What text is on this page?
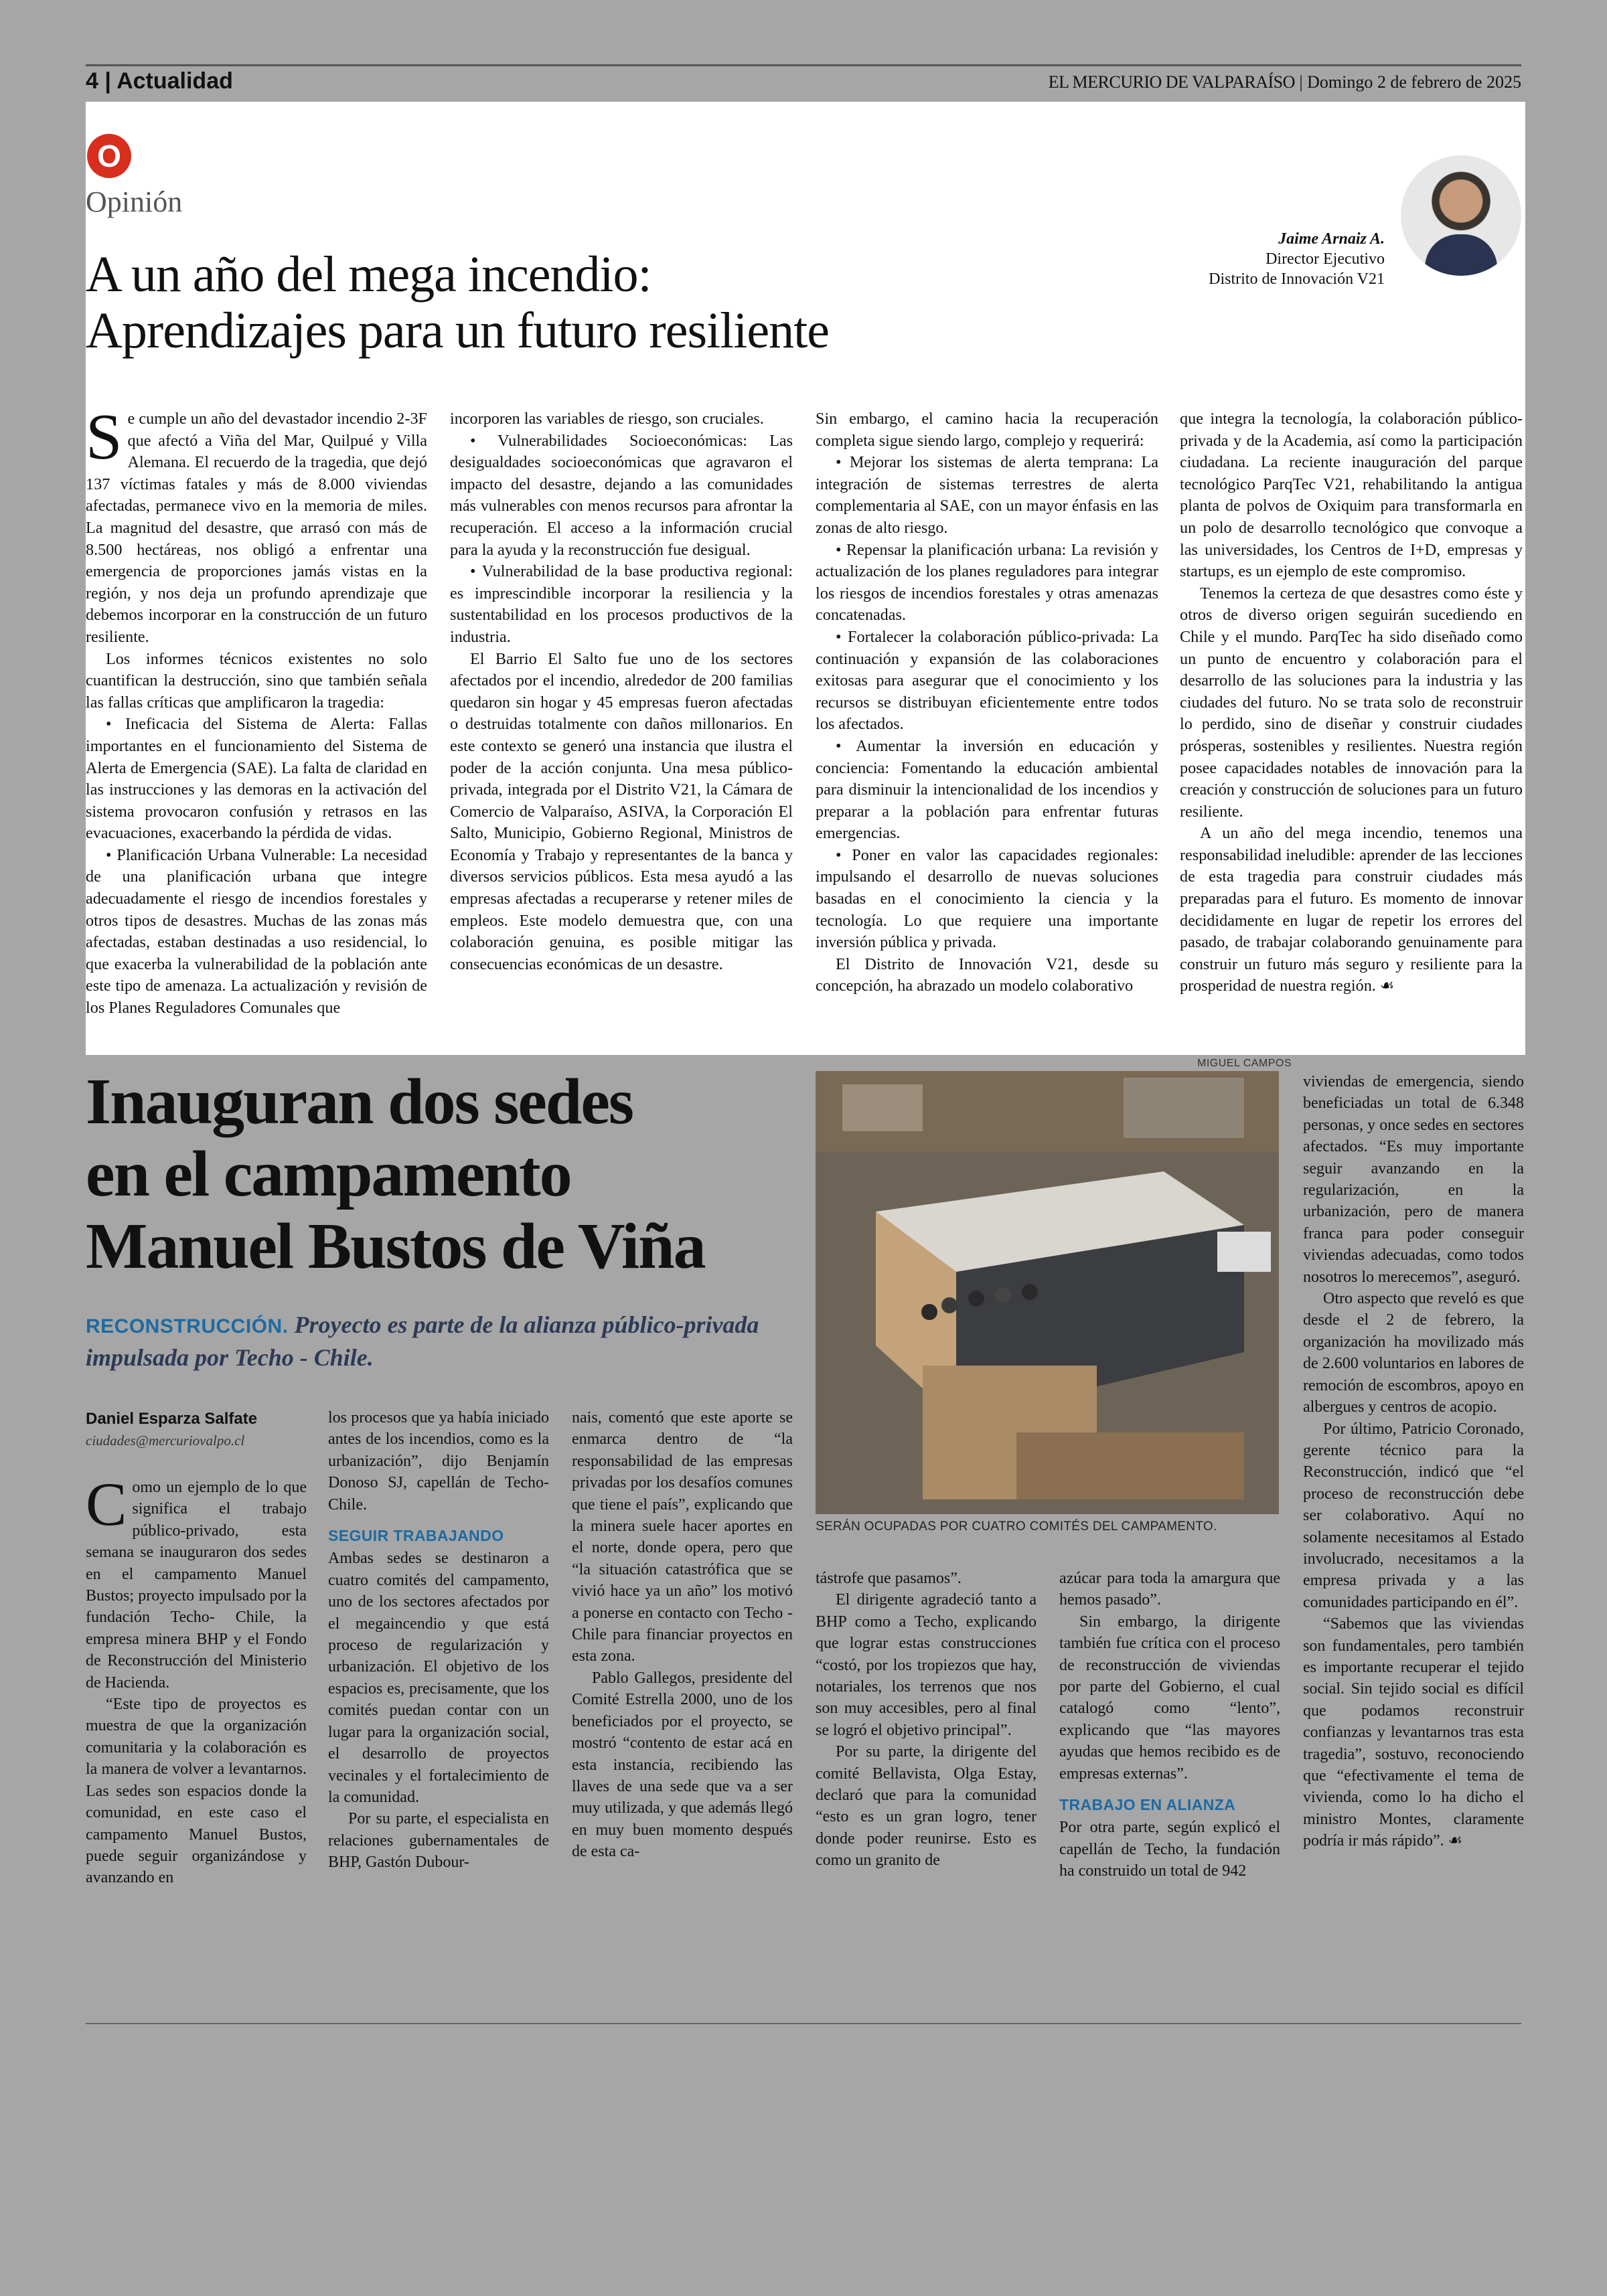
4 | Actualidad	EL MERCURIO DE VALPARAÍSO | Domingo 2 de febrero de 2025
O
Opinión
A un año del mega incendio:
Aprendizajes para un futuro resiliente
Jaime Arnaiz A.
Director Ejecutivo
Distrito de Innovación V21

Se cumple un año del devastador incendio 2-3F que afectó a Viña del Mar, Quilpué y Villa Alemana. El recuerdo de la tragedia, que dejó 137 víctimas fatales y más de 8.000 viviendas afectadas, permanece vivo en la memoria de miles. La magnitud del desastre, que arrasó con más de 8.500 hectáreas, nos obligó a enfrentar una emergencia de proporciones jamás vistas en la región, y nos deja un profundo aprendizaje que debemos incorporar en la construcción de un futuro resiliente.

Los informes técnicos existentes no solo cuantifican la destrucción, sino que también señala las fallas críticas que amplificaron la tragedia:

• Ineficacia del Sistema de Alerta: Fallas importantes en el funcionamiento del Sistema de Alerta de Emergencia (SAE). La falta de claridad en las instrucciones y las demoras en la activación del sistema provocaron confusión y retrasos en las evacuaciones, exacerbando la pérdida de vidas.

• Planificación Urbana Vulnerable: La necesidad de una planificación urbana que integre adecuadamente el riesgo de incendios forestales y otros tipos de desastres. Muchas de las zonas más afectadas, estaban destinadas a uso residencial, lo que exacerba la vulnerabilidad de la población ante este tipo de amenaza. La actualización y revisión de los Planes Reguladores Comunales que

incorporen las variables de riesgo, son cruciales.

• Vulnerabilidades Socioeconómicas: Las desigualdades socioeconómicas que agravaron el impacto del desastre, dejando a las comunidades más vulnerables con menos recursos para afrontar la recuperación. El acceso a la información crucial para la ayuda y la reconstrucción fue desigual.

• Vulnerabilidad de la base productiva regional: es imprescindible incorporar la resiliencia y la sustentabilidad en los procesos productivos de la industria.

El Barrio El Salto fue uno de los sectores afectados por el incendio, alrededor de 200 familias quedaron sin hogar y 45 empresas fueron afectadas o destruidas totalmente con daños millonarios. En este contexto se generó una instancia que ilustra el poder de la acción conjunta. Una mesa público-privada, integrada por el Distrito V21, la Cámara de Comercio de Valparaíso, ASIVA, la Corporación El Salto, Municipio, Gobierno Regional, Ministros de Economía y Trabajo y representantes de la banca y diversos servicios públicos. Esta mesa ayudó a las empresas afectadas a recuperarse y retener miles de empleos. Este modelo demuestra que, con una colaboración genuina, es posible mitigar las consecuencias económicas de un desastre.

Sin embargo, el camino hacia la recuperación completa sigue siendo largo, complejo y requerirá:

• Mejorar los sistemas de alerta temprana: La integración de sistemas terrestres de alerta complementaria al SAE, con un mayor énfasis en las zonas de alto riesgo.

• Repensar la planificación urbana: La revisión y actualización de los planes reguladores para integrar los riesgos de incendios forestales y otras amenazas concatenadas.

• Fortalecer la colaboración público-privada: La continuación y expansión de las colaboraciones exitosas para asegurar que el conocimiento y los recursos se distribuyan eficientemente entre todos los afectados.

• Aumentar la inversión en educación y conciencia: Fomentando la educación ambiental para disminuir la intencionalidad de los incendios y preparar a la población para enfrentar futuras emergencias.

• Poner en valor las capacidades regionales: impulsando el desarrollo de nuevas soluciones basadas en el conocimiento la ciencia y la tecnología. Lo que requiere una importante inversión pública y privada.

El Distrito de Innovación V21, desde su concepción, ha abrazado un modelo colaborativo

que integra la tecnología, la colaboración público-privada y de la Academia, así como la participación ciudadana. La reciente inauguración del parque tecnológico ParqTec V21, rehabilitando la antigua planta de polvos de Oxiquim para transformarla en un polo de desarrollo tecnológico que convoque a las universidades, los Centros de I+D, empresas y startups, es un ejemplo de este compromiso.

Tenemos la certeza de que desastres como éste y otros de diverso origen seguirán sucediendo en Chile y el mundo. ParqTec ha sido diseñado como un punto de encuentro y colaboración para el desarrollo de las soluciones para la industria y las ciudades del futuro. No se trata solo de reconstruir lo perdido, sino de diseñar y construir ciudades prósperas, sostenibles y resilientes. Nuestra región posee capacidades notables de innovación para la creación y construcción de soluciones para un futuro resiliente.

A un año del mega incendio, tenemos una responsabilidad ineludible: aprender de las lecciones de esta tragedia para construir ciudades más preparadas para el futuro. Es momento de innovar decididamente en lugar de repetir los errores del pasado, de trabajar colaborando genuinamente para construir un futuro más seguro y resiliente para la prosperidad de nuestra región. ☙

Inauguran dos sedes
en el campamento
Manuel Bustos de Viña
RECONSTRUCCIÓN. Proyecto es parte de la alianza público-privada impulsada por Techo - Chile.
Daniel Esparza Salfate
ciudades@mercuriovalpo.cl

Como un ejemplo de lo que significa el trabajo público-privado, esta semana se inauguraron dos sedes en el campamento Manuel Bustos; proyecto impulsado por la fundación Techo- Chile, la empresa minera BHP y el Fondo de Reconstrucción del Ministerio de Hacienda.

“Este tipo de proyectos es muestra de que la organización comunitaria y la colaboración es la manera de volver a levantarnos. Las sedes son espacios donde la comunidad, en este caso el campamento Manuel Bustos, puede seguir organizándose y avanzando en

los procesos que ya había iniciado antes de los incendios, como es la urbanización”, dijo Benjamín Donoso SJ, capellán de Techo-Chile.

SEGUIR TRABAJANDO

Ambas sedes se destinaron a cuatro comités del campamento, uno de los sectores afectados por el megaincendio y que está proceso de regularización y urbanización. El objetivo de los espacios es, precisamente, que los comités puedan contar con un lugar para la organización social, el desarrollo de proyectos vecinales y el fortalecimiento de la comunidad.

Por su parte, el especialista en relaciones gubernamentales de BHP, Gastón Dubour-

nais, comentó que este aporte se enmarca dentro de “la responsabilidad de las empresas privadas por los desafíos comunes que tiene el país”, explicando que la minera suele hacer aportes en el norte, donde opera, pero que “la situación catastrófica que se vivió hace ya un año” los motivó a ponerse en contacto con Techo - Chile para financiar proyectos en esta zona.

Pablo Gallegos, presidente del Comité Estrella 2000, uno de los beneficiados por el proyecto, se mostró “contento de estar acá en esta instancia, recibiendo las llaves de una sede que va a ser muy utilizada, y que además llegó en muy buen momento después de esta ca-

MIGUEL CAMPOS
SERÁN OCUPADAS POR CUATRO COMITÉS DEL CAMPAMENTO.

tástrofe que pasamos”.

El dirigente agradeció tanto a BHP como a Techo, explicando que lograr estas construcciones “costó, por los tropiezos que hay, notariales, los terrenos que nos son muy accesibles, pero al final se logró el objetivo principal”.

Por su parte, la dirigente del comité Bellavista, Olga Estay, declaró que para la comunidad “esto es un gran logro, tener donde poder reunirse. Esto es como un granito de

azúcar para toda la amargura que hemos pasado”.

Sin embargo, la dirigente también fue crítica con el proceso de reconstrucción de viviendas por parte del Gobierno, el cual catalogó como “lento”, explicando que “las mayores ayudas que hemos recibido es de empresas externas”.

TRABAJO EN ALIANZA

Por otra parte, según explicó el capellán de Techo, la fundación ha construido un total de 942

viviendas de emergencia, siendo beneficiadas un total de 6.348 personas, y once sedes en sectores afectados. “Es muy importante seguir avanzando en la regularización, en la urbanización, pero de manera franca para poder conseguir viviendas adecuadas, como todos nosotros lo merecemos”, aseguró.

Otro aspecto que reveló es que desde el 2 de febrero, la organización ha movilizado más de 2.600 voluntarios en labores de remoción de escombros, apoyo en albergues y centros de acopio.

Por último, Patricio Coronado, gerente técnico para la Reconstrucción, indicó que “el proceso de reconstrucción debe ser colaborativo. Aquí no solamente necesitamos al Estado involucrado, necesitamos a la empresa privada y a las comunidades participando en él”.

“Sabemos que las viviendas son fundamentales, pero también es importante recuperar el tejido social. Sin tejido social es difícil que podamos reconstruir confianzas y levantarnos tras esta tragedia”, sostuvo, reconociendo que “efectivamente el tema de vivienda, como lo ha dicho el ministro Montes, claramente podría ir más rápido”. ☙
